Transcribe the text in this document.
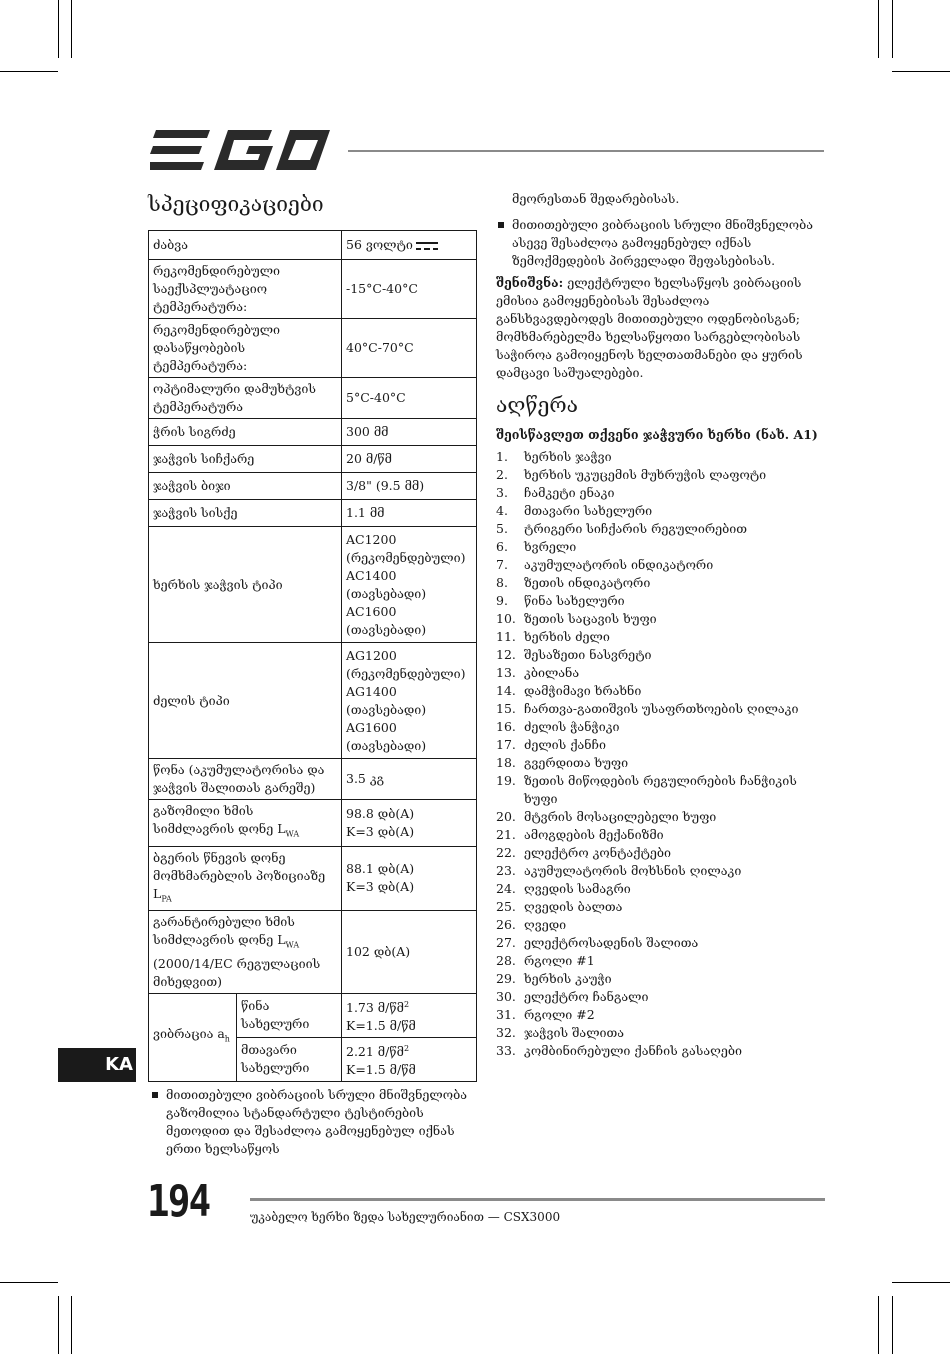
სპეციფიკაციები
ძაბვა		56 ვოლტი
რეკომენდირებული საექსპლუატაციო ტემპერატურა:		-15°C-40°C
რეკომენდირებული დასაწყობების ტემპერატურა:		40°C-70°C
ოპტიმალური დამუხტვის ტემპერატურა		5°C-40°C
ჭრის სიგრძე		300 მმ
ჯაჭვის სიჩქარე		20 მ/წმ
ჯაჭვის ბიჯი		3/8" (9.5 მმ)
ჯაჭვის სისქე		1.1 მმ
ხერხის ჯაჭვის ტიპი		AC1200 (რეკომენდებული) AC1400 (თავსებადი) AC1600 (თავსებადი)
ძელის ტიპი		AG1200 (რეკომენდებული) AG1400 (თავსებადი) AG1600 (თავსებადი)
წონა (აკუმულატორისა და ჯაჭვის შალითას გარეშე)		3.5 კგ
გაზომილი ხმის სიმძლავრის დონე $L_{WA}$		98.8 დბ(A)
K=3 დბ(A)
ბგერის წნევის დონე მომხმარებლის პოზიციაზე $L_{PA}$		88.1 დბ(A)
K=3 დბ(A)
გარანტირებული ხმის სიმძლავრის დონე $L_{WA}$ (2000/14/EC რეგულაციის მიხედვით)		102 დბ(A)
ვიბრაცია $a_h$	წინა სახელური	1.73 მ/წმ$^2$
K=1.5 მ/წმ
	მთავარი სახელური	2.21 მ/წმ$^2$
K=1.5 მ/წმ
მითითებული ვიბრაციის სრული მნიშვნელობა გაზომილია სტანდარტული ტესტირების მეთოდით და შესაძლოა გამოყენებულ იქნას ერთი ხელსაწყოს
KA

მეორესთან შედარებისას.

მითითებული ვიბრაციის სრული მნიშვნელობა ასევე შესაძლოა გამოყენებულ იქნას ზემოქმედების პირველადი შეფასებისას.

შენიშვნა: ელექტრული ხელსაწყოს ვიბრაციის ემისია გამოყენებისას შესაძლოა განსხვავდებოდეს მითითებული ოდენობისგან; მომხმარებელმა ხელსაწყოთი სარგებლობისას საჭიროა გამოიყენოს ხელთათმანები და ყურის დამცავი საშუალებები.

აღწერა
შეისწავლეთ თქვენი ჯაჭვური ხერხი (ნახ. A1)
1.	ხერხის ჯაჭვი
2.	ხერხის უკუცემის მუხრუჭის ლაფოტი
3.	ჩამკეტი ენაკი
4.	მთავარი სახელური
5.	ტრიგერი სიჩქარის რეგულირებით
6.	ხვრელი
7.	აკუმულატორის ინდიკატორი
8.	ზეთის ინდიკატორი
9.	წინა სახელური
10. ზეთის საცავის ხუფი
11. ხერხის ძელი
12. შესაზეთი ნასვრეტი
13. კბილანა
14. დამჭიმავი ხრახნი
15. ჩართვა-გათიშვის უსაფრთხოების ღილაკი
16. ძელის ჭანჭიკი
17. ძელის ქანჩი
18. გვერდითა ხუფი
19. ზეთის მიწოდების რეგულირების ჩანჭიკის ხუფი
20. მტვრის მოსაცილებელი ხუფი
21. ამოგდების მექანიზმი
22. ელექტრო კონტაქტები
23. აკუმულატორის მოხსნის ღილაკი
24. ღვედის სამაგრი
25. ღვედის ბალთა
26. ღვედი
27. ელექტროსადენის შალითა
28. რგოლი #1
29. ხერხის კაუჭი
30. ელექტრო ჩანგალი
31. რგოლი #2
32. ჯაჭვის შალითა
33. კომბინირებული ქანჩის გასაღები
194	უკაბელო ხერხი ზედა სახელურიანით — CSX3000
